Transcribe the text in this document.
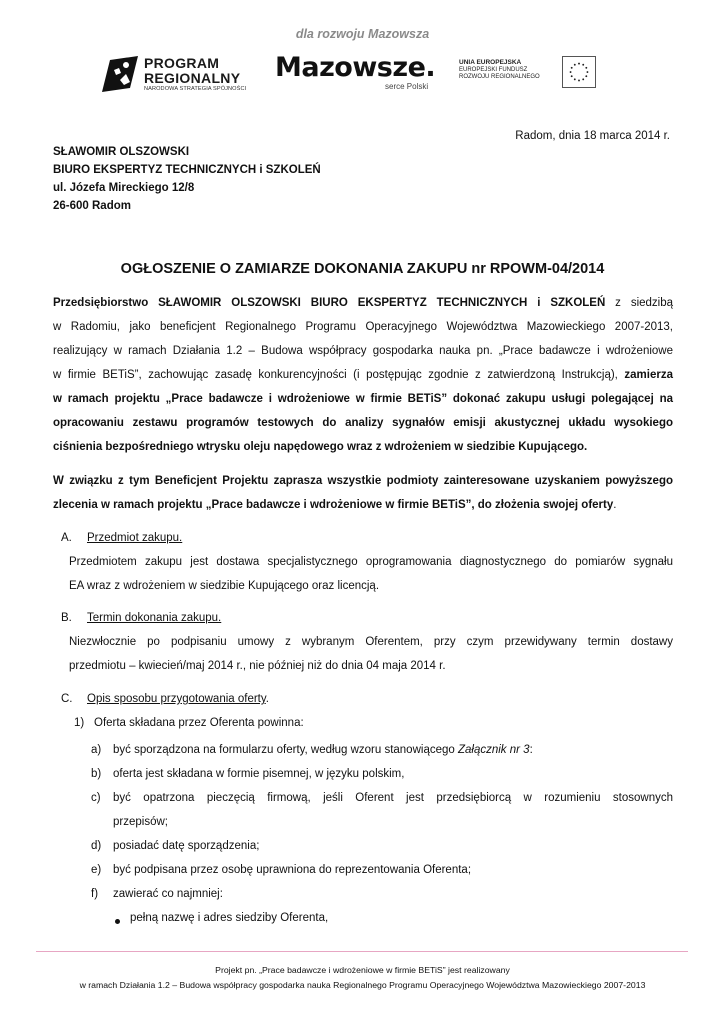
dla rozwoju Mazowsza
PROGRAM
REGIONALNY
NARODOWA STRATEGIA SPÓJNOŚCI
Mazowsze.
serce Polski
UNIA EUROPEJSKA
EUROPEJSKI FUNDUSZ
ROZWOJU REGIONALNEGO
Radom, dnia 18 marca 2014 r.
SŁAWOMIR OLSZOWSKI
BIURO EKSPERTYZ TECHNICZNYCH i SZKOLEŃ
ul. Józefa Mireckiego 12/8
26-600 Radom
OGŁOSZENIE O ZAMIARZE DOKONANIA ZAKUPU nr RPOWM-04/2014
Przedsiębiorstwo SŁAWOMIR OLSZOWSKI BIURO EKSPERTYZ TECHNICZNYCH i SZKOLEŃ z siedzibą
w Radomiu, jako beneficjent Regionalnego Programu Operacyjnego Województwa Mazowieckiego 2007-2013,
realizujący w ramach Działania 1.2 – Budowa współpracy gospodarka nauka pn. „Prace badawcze i wdrożeniowe
w firmie BETiS”, zachowując zasadę konkurencyjności (i postępując zgodnie z zatwierdzoną Instrukcją), zamierza
w ramach projektu „Prace badawcze i wdrożeniowe w firmie BETiS” dokonać zakupu usługi polegającej na
opracowaniu zestawu programów testowych do analizy sygnałów emisji akustycznej układu wysokiego
ciśnienia bezpośredniego wtrysku oleju napędowego wraz z wdrożeniem w siedzibie Kupującego.
W związku z tym Beneficjent Projektu zaprasza wszystkie podmioty zainteresowane uzyskaniem powyższego
zlecenia w ramach projektu „Prace badawcze i wdrożeniowe w firmie BETiS”, do złożenia swojej oferty.
A. Przedmiot zakupu.
Przedmiotem zakupu jest dostawa specjalistycznego oprogramowania diagnostycznego do pomiarów sygnału
EA wraz z wdrożeniem w siedzibie Kupującego oraz licencją.
B. Termin dokonania zakupu.
Niezwłocznie po podpisaniu umowy z wybranym Oferentem, przy czym przewidywany termin dostawy
przedmiotu – kwiecień/maj 2014 r., nie później niż do dnia 04 maja 2014 r.
C. Opis sposobu przygotowania oferty.
1) Oferta składana przez Oferenta powinna:
a) być sporządzona na formularzu oferty, według wzoru stanowiącego Załącznik nr 3:
b) oferta jest składana w formie pisemnej, w języku polskim,
c) być opatrzona pieczęcią firmową, jeśli Oferent jest przedsiębiorcą w rozumieniu stosownych
przepisów;
d) posiadać datę sporządzenia;
e) być podpisana przez osobę uprawniona do reprezentowania Oferenta;
f) zawierać co najmniej:
pełną nazwę i adres siedziby Oferenta,
Projekt pn. „Prace badawcze i wdrożeniowe w firmie BETiS” jest realizowany
w ramach Działania 1.2 – Budowa współpracy gospodarka nauka Regionalnego Programu Operacyjnego Województwa Mazowieckiego 2007-2013
